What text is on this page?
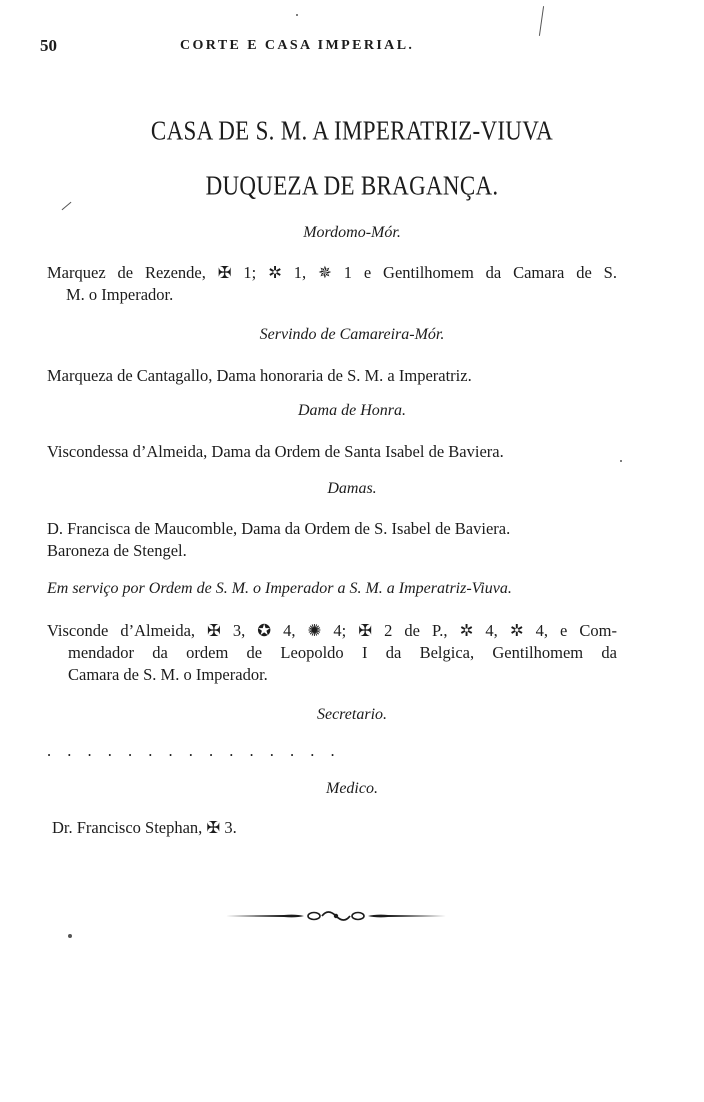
50	CORTE E CASA IMPERIAL.
CASA DE S. M. A IMPERATRIZ-VIUVA
DUQUEZA DE BRAGANÇA.
Mordomo-Mór.
Marquez de Rezende, ✠ 1; ✲ 1, ✵ 1 e Gentilhomem da Camara de S.
M. o Imperador.
Servindo de Camareira-Mór.
Marqueza de Cantagallo, Dama honoraria de S. M. a Imperatriz.
Dama de Honra.
Viscondessa d’Almeida, Dama da Ordem de Santa Isabel de Baviera.
Damas.
D. Francisca de Maucomble, Dama da Ordem de S. Isabel de Baviera.
Baroneza de Stengel.
Em serviço por Ordem de S. M. o Imperador a S. M. a Imperatriz-Viuva.
Visconde d’Almeida, ✠ 3, ✪ 4, ✺ 4; ✠ 2 de P., ✲ 4, ✲ 4, e Com-
mendador da ordem de Leopoldo I da Belgica, Gentilhomem da
Camara de S. M. o Imperador.
Secretario.
. . . . . . . . . . . . . . .
Medico.
Dr. Francisco Stephan, ✠ 3.
